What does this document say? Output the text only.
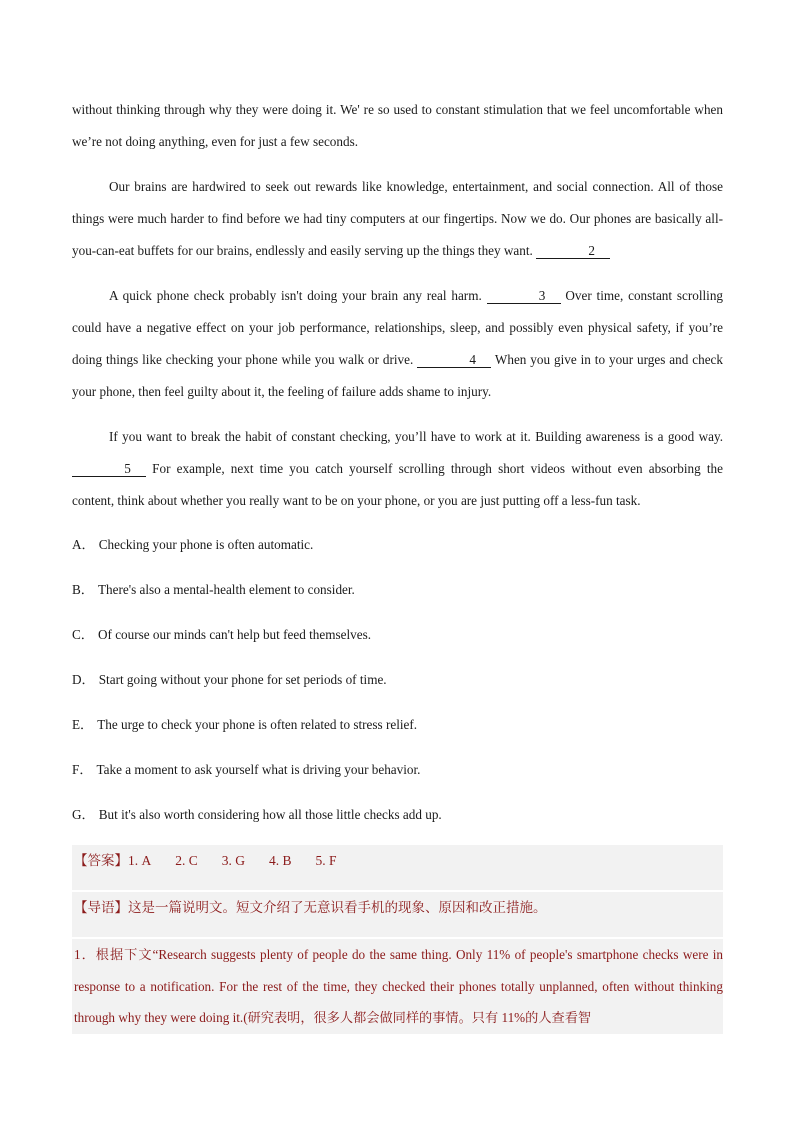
without thinking through why they were doing it. We' re so used to constant stimulation that we feel uncomfortable when we’re not doing anything, even for just a few seconds.

Our brains are hardwired to seek out rewards like knowledge, entertainment, and social connection. All of those things were much harder to find before we had tiny computers at our fingertips. Now we do. Our phones are basically all-you-can-eat buffets for our brains, endlessly and easily serving up the things they want.	2

A quick phone check probably isn't doing your brain any real harm.	3 Over time, constant scrolling could have a negative effect on your job performance, relationships, sleep, and possibly even physical safety, if you’re doing things like checking your phone while you walk or drive.	4 When you give in to your urges and check your phone, then feel guilty about it, the feeling of failure adds shame to injury.

If you want to break the habit of constant checking, you’ll have to work at it. Building awareness is a good way. 5 For example, next time you catch yourself scrolling through short videos without even absorbing the content, think about whether you really want to be on your phone, or you are just putting off a less-fun task.

A． Checking your phone is often automatic.
B． There's also a mental-health element to consider.
C． Of course our minds can't help but feed themselves.
D． Start going without your phone for set periods of time.
E． The urge to check your phone is often related to stress relief.
F． Take a moment to ask yourself what is driving your behavior.
G． But it's also worth considering how all those little checks add up.
【答案】1. A 2. C 3. G 4. B 5. F
【导语】这是一篇说明文。短文介绍了无意识看手机的现象、原因和改正措施。
1．根据下文“Research suggests plenty of people do the same thing. Only 11% of people's smartphone checks were in response to a notification. For the rest of the time, they checked their phones totally unplanned, often without thinking through why they were doing it.(研究表明，很多人都会做同样的事情。只有 11%的人查看智
